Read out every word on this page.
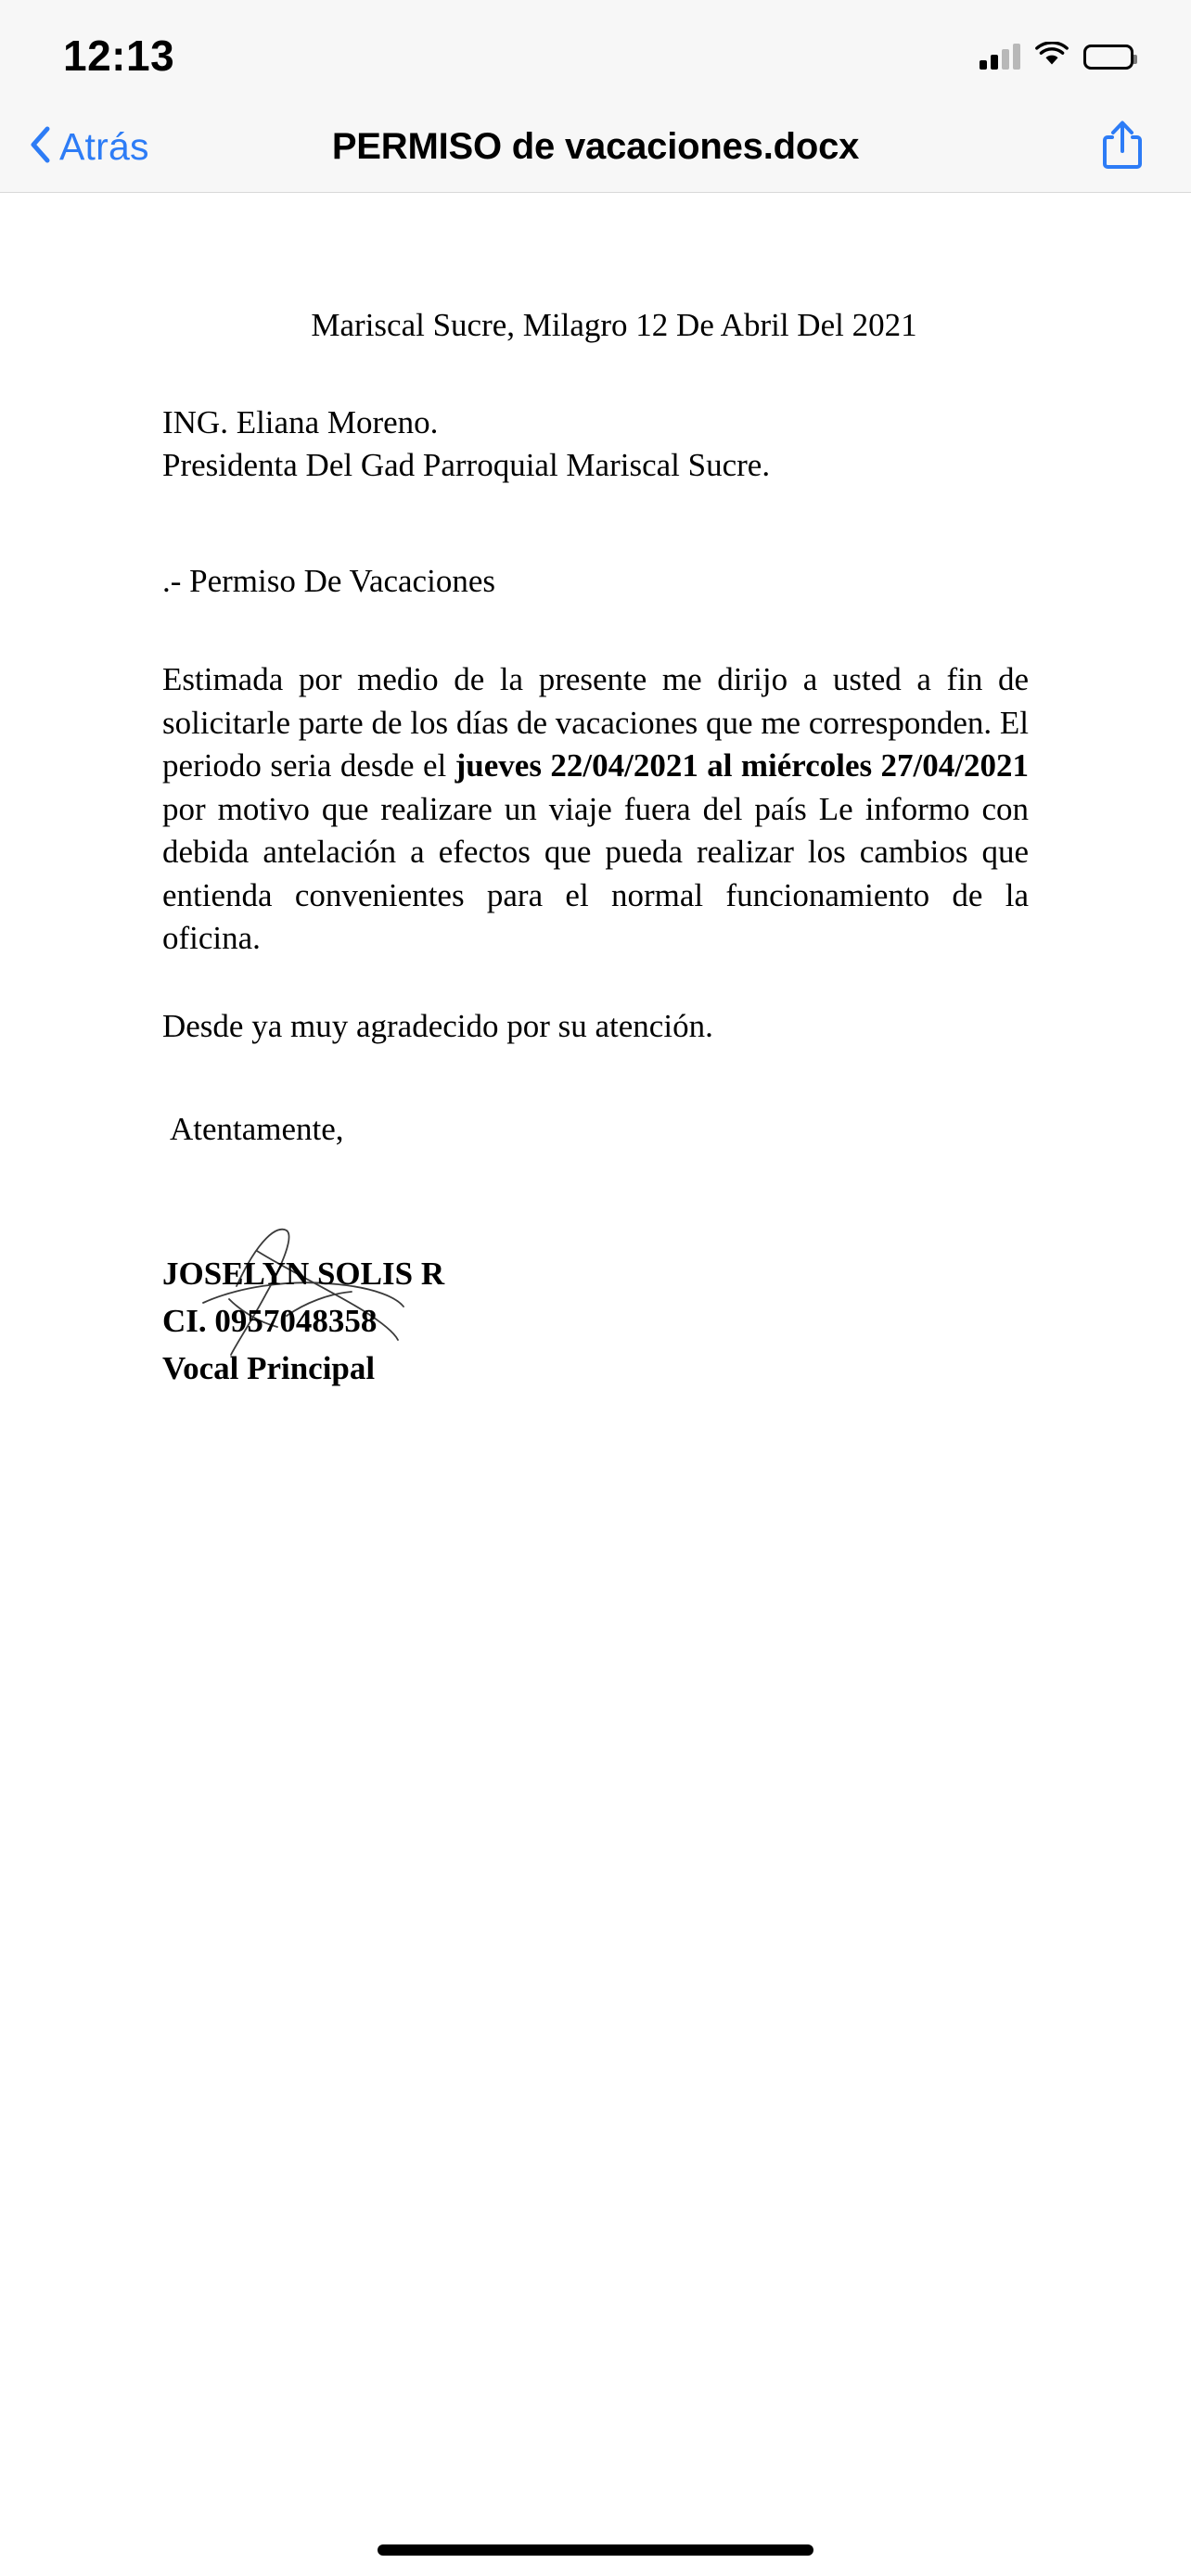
12:13
Atrás	PERMISO de vacaciones.docx

Mariscal Sucre, Milagro 12 De Abril Del 2021

ING. Eliana Moreno.

Presidenta Del Gad Parroquial Mariscal Sucre.

.- Permiso De Vacaciones

Estimada por medio de la presente me dirijo a usted a fin de solicitarle parte de los días de vacaciones que me corresponden. El periodo seria desde el jueves 22/04/2021 al miércoles 27/04/2021 por motivo que realizare un viaje fuera del país Le informo con debida antelación a efectos que pueda realizar los cambios que entienda convenientes para el normal funcionamiento de la oficina.

Desde ya muy agradecido por su atención.

Atentamente,

JOSELYN SOLIS R

CI. 0957048358

Vocal Principal
